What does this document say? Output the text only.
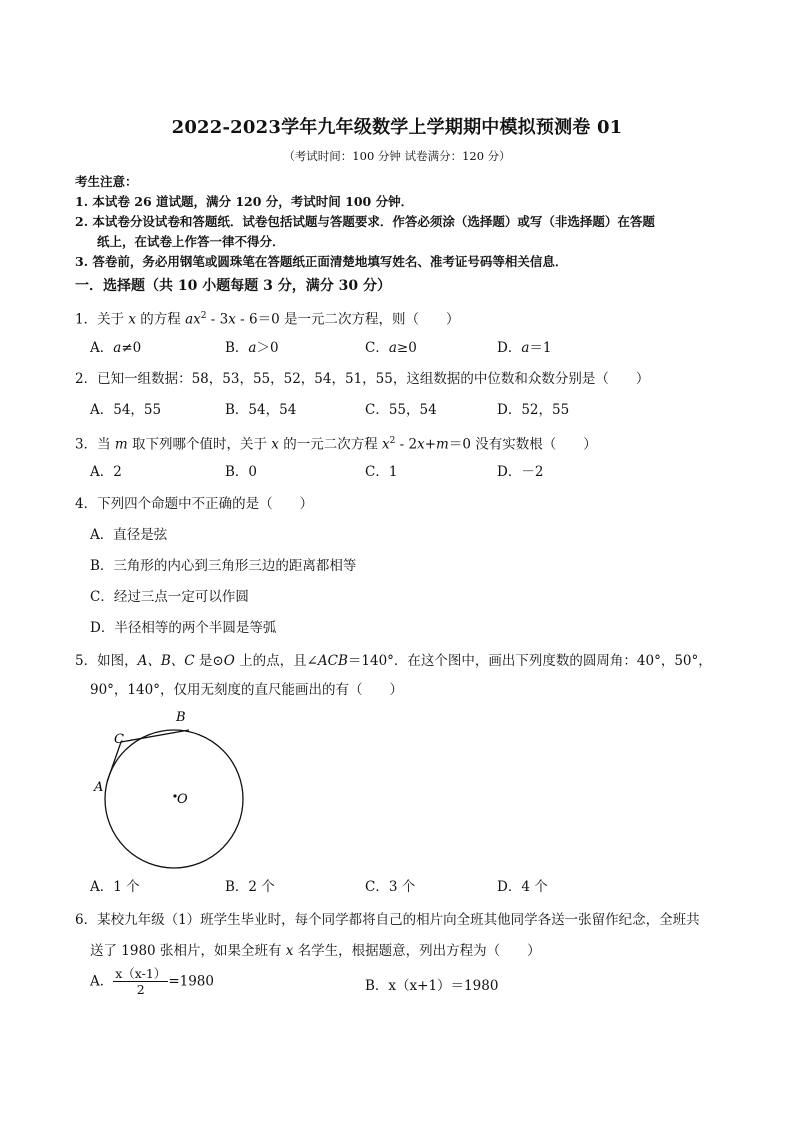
2022-2023学年九年级数学上学期期中模拟预测卷 01
（考试时间：100 分钟 试卷满分：120 分）
考生注意：
1. 本试卷 26 道试题，满分 120 分，考试时间 100 分钟．
2. 本试卷分设试卷和答题纸．试卷包括试题与答题要求．作答必须涂（选择题）或写（非选择题）在答题
纸上，在试卷上作答一律不得分．
3. 答卷前，务必用钢笔或圆珠笔在答题纸正面清楚地填写姓名、准考证号码等相关信息．
一．选择题（共 10 小题每题 3 分，满分 30 分）
1．关于 x 的方程 $ax^2 - 3x - 6=0$ 是一元二次方程，则（　　）
A．a≠0	B．a＞0	C．a≥0	D．a＝1
2．已知一组数据：58，53，55，52，54，51，55，这组数据的中位数和众数分别是（　　）
A．54，55	B．54，54	C．55，54	D．52，55
3．当 m 取下列哪个值时，关于 x 的一元二次方程 $x^2 - 2x+m=0$ 没有实数根（　　）
A．2	B．0	C．1	D．－2
4．下列四个命题中不正确的是（　　）
A．直径是弦
B．三角形的内心到三角形三边的距离都相等
C．经过三点一定可以作圆
D．半径相等的两个半圆是等弧
5．如图，A、B、C 是⊙O 上的点，且∠ACB＝140°．在这个图中，画出下列度数的圆周角：40°，50°，
90°，140°，仅用无刻度的直尺能画出的有（　　）
C
B
A
O
A．1 个	B．2 个	C．3 个	D．4 个
6．某校九年级（1）班学生毕业时，每个同学都将自己的相片向全班其他同学各送一张留作纪念，全班共
送了 1980 张相片，如果全班有 x 名学生，根据题意，列出方程为（　　）
A． $\frac{x(x-1)}{2} =1980$	B．x（x+1）＝1980
